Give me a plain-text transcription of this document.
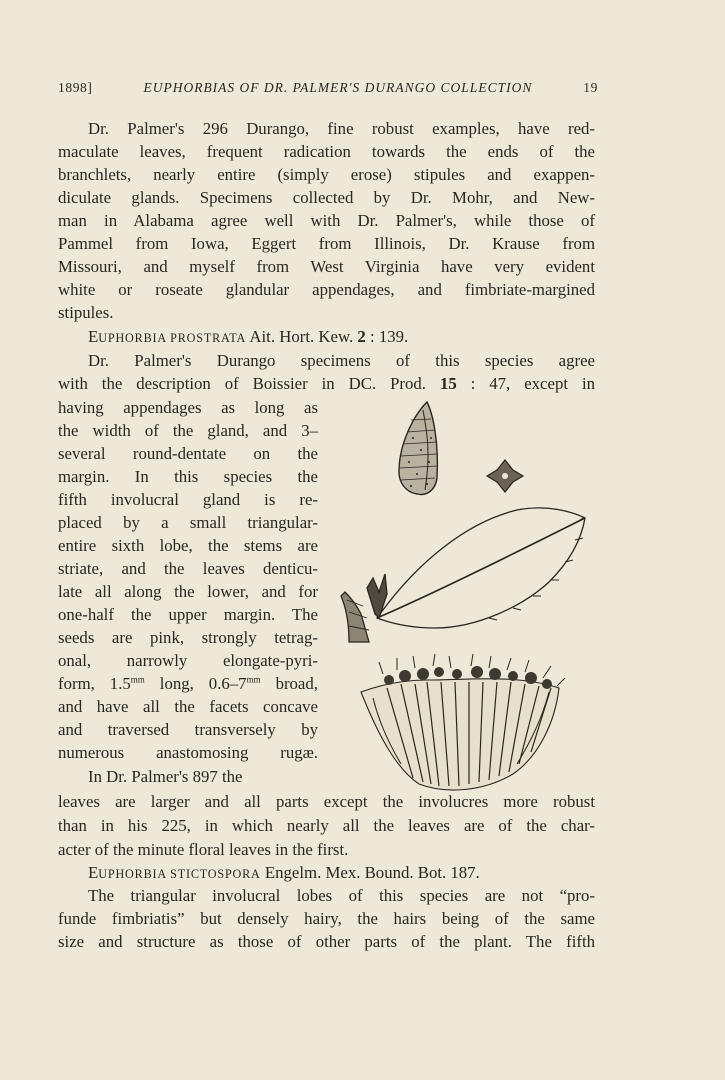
1898]	EUPHORBIAS OF DR. PALMER'S DURANGO COLLECTION	19
Dr. Palmer's 296 Durango, fine robust examples, have red-
maculate leaves, frequent radication towards the ends of the
branchlets, nearly entire (simply erose) stipules and exappen-
diculate glands. Specimens collected by Dr. Mohr, and New-
man in Alabama agree well with Dr. Palmer's, while those of
Pammel from Iowa, Eggert from Illinois, Dr. Krause from
Missouri, and myself from West Virginia have very evident
white or roseate glandular appendages, and fimbriate-margined
stipules.
EUPHORBIA PROSTRATA Ait. Hort. Kew. 2 : 139.
Dr. Palmer's Durango specimens of this species agree
with the description of Boissier in DC. Prod. 15 : 47, except in
having appendages as long as
the width of the gland, and 3–
several round-dentate on the
margin. In this species the
fifth involucral gland is re-
placed by a small triangular-
entire sixth lobe, the stems are
striate, and the leaves denticu-
late all along the lower, and for
one-half the upper margin. The
seeds are pink, strongly tetrag-
onal, narrowly elongate-pyri-
form, $1.5^{mm}$ long, $0.6-7^{mm}$ broad,
and have all the facets concave
and traversed transversely by
numerous anastomosing rugæ.
In Dr. Palmer's 897 the
leaves are larger and all parts except the involucres more robust
than in his 225, in which nearly all the leaves are of the char-
acter of the minute floral leaves in the first.
EUPHORBIA STICTOSPORA Engelm. Mex. Bound. Bot. 187.
The triangular involucral lobes of this species are not “pro-
funde fimbriatis” but densely hairy, the hairs being of the same
size and structure as those of other parts of the plant. The fifth
